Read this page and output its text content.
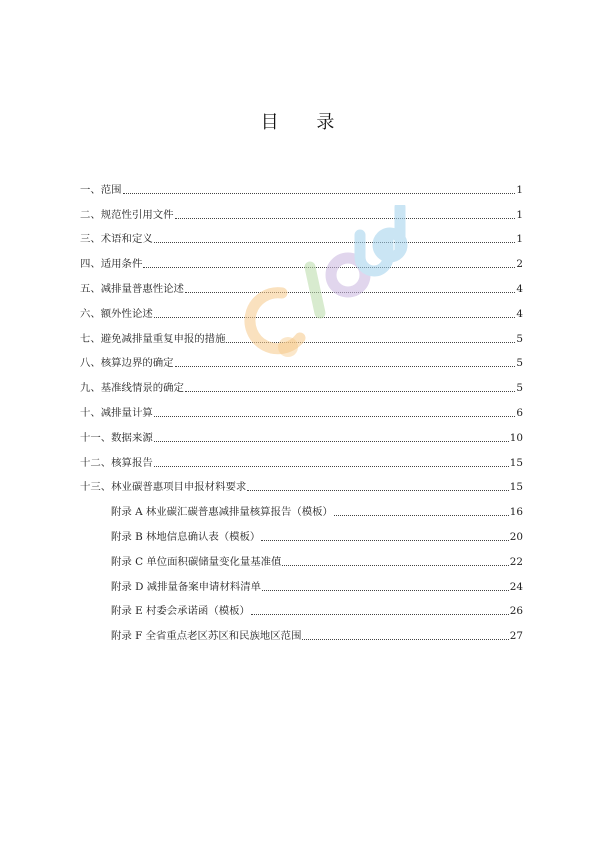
目 录
一、范围	1
二、规范性引用文件	1
三、术语和定义	1
四、适用条件	2
五、减排量普惠性论述	4
六、额外性论述	4
七、避免减排量重复申报的措施	5
八、核算边界的确定	5
九、基准线情景的确定	5
十、减排量计算	6
十一、数据来源	10
十二、核算报告	15
十三、林业碳普惠项目申报材料要求	15
附录 A 林业碳汇碳普惠减排量核算报告（模板）	16
附录 B 林地信息确认表（模板）	20
附录 C 单位面积碳储量变化量基准值	22
附录 D 减排量备案申请材料清单	24
附录 E 村委会承诺函（模板）	26
附录 F 全省重点老区苏区和民族地区范围	27
